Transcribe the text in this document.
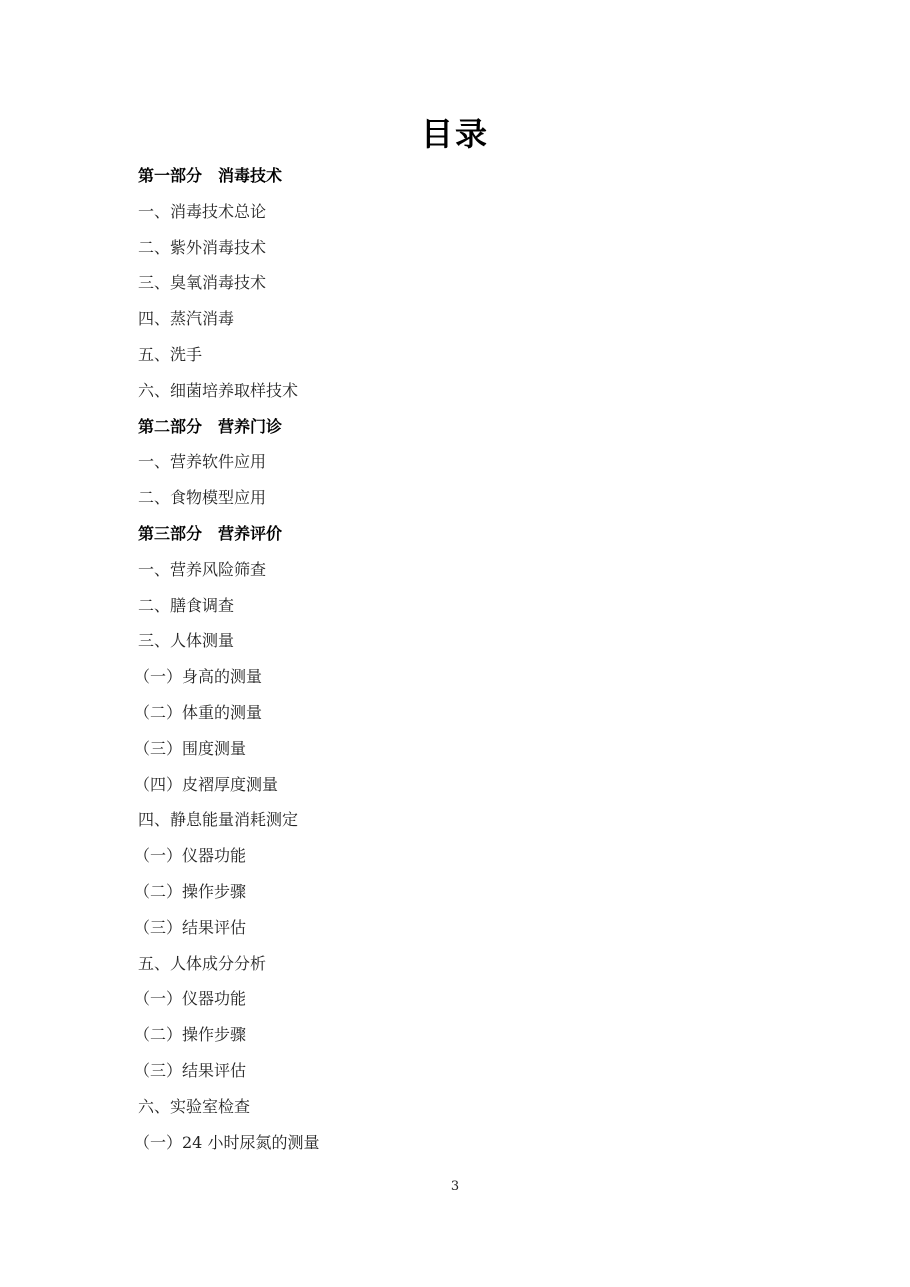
目录
第一部分　消毒技术
一、消毒技术总论
二、紫外消毒技术
三、臭氧消毒技术
四、蒸汽消毒
五、洗手
六、细菌培养取样技术
第二部分　营养门诊
一、营养软件应用
二、食物模型应用
第三部分　营养评价
一、营养风险筛查
二、膳食调查
三、人体测量
（一）身高的测量
（二）体重的测量
（三）围度测量
（四）皮褶厚度测量
四、静息能量消耗测定
（一）仪器功能
（二）操作步骤
（三）结果评估
五、人体成分分析
（一）仪器功能
（二）操作步骤
（三）结果评估
六、实验室检查
（一）24 小时尿氮的测量
3
